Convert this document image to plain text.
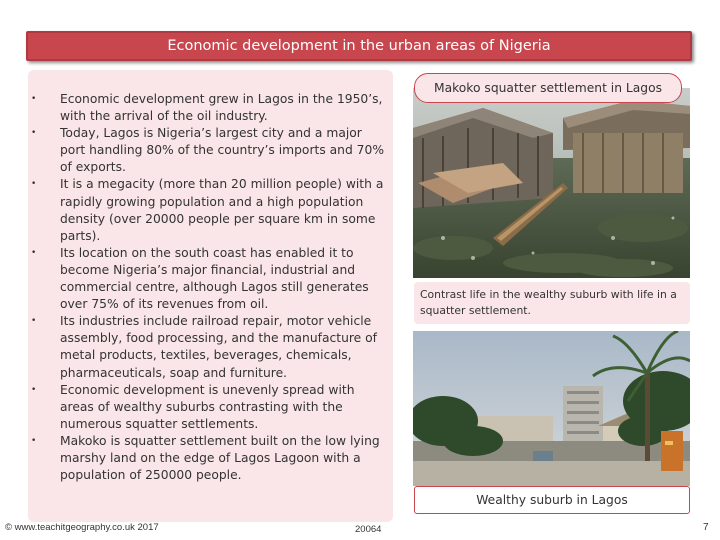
Economic development in the urban areas of Nigeria
• Economic development grew in Lagos in the 1950’s, with the arrival of the oil industry.
• Today, Lagos is Nigeria’s largest city and a major port handling 80% of the country’s imports and 70% of exports.
• It is a megacity (more than 20 million people) with a rapidly growing population and a high population density (over 20000 people per square km in some parts).
• Its location on the south coast has enabled it to become Nigeria’s major financial, industrial and commercial centre, although Lagos still generates over 75% of its revenues from oil.
• Its industries include railroad repair, motor vehicle assembly, food processing, and the manufacture of metal products, textiles, beverages, chemicals, pharmaceuticals, soap and furniture.
• Economic development is unevenly spread with areas of wealthy suburbs contrasting with the numerous squatter settlements.
• Makoko is squatter settlement built on the low lying marshy land on the edge of Lagos Lagoon with a population of 250000 people.
Makoko squatter settlement in Lagos
Contrast life in the wealthy suburb with life in a squatter settlement.
Wealthy suburb in Lagos
© www.teachitgeography.co.uk 2017	20064	7
